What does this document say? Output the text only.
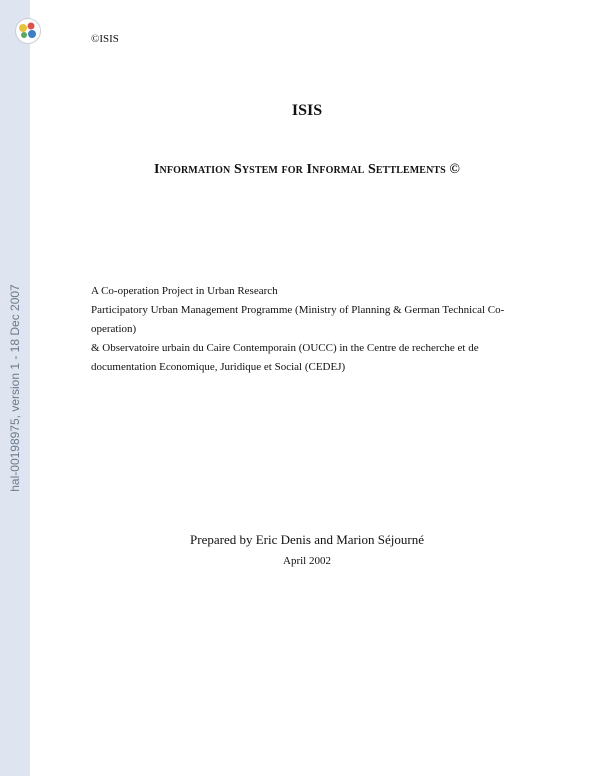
hal-00198975, version 1 - 18 Dec 2007
©ISIS
ISIS
Information System for Informal Settlements ©

A Co-operation Project in Urban Research

Participatory Urban Management Programme (Ministry of Planning & German Technical Co-operation)

& Observatoire urbain du Caire Contemporain (OUCC) in the Centre de recherche et de documentation Economique, Juridique et Social (CEDEJ)

Prepared by Eric Denis and Marion Séjourné
April 2002
